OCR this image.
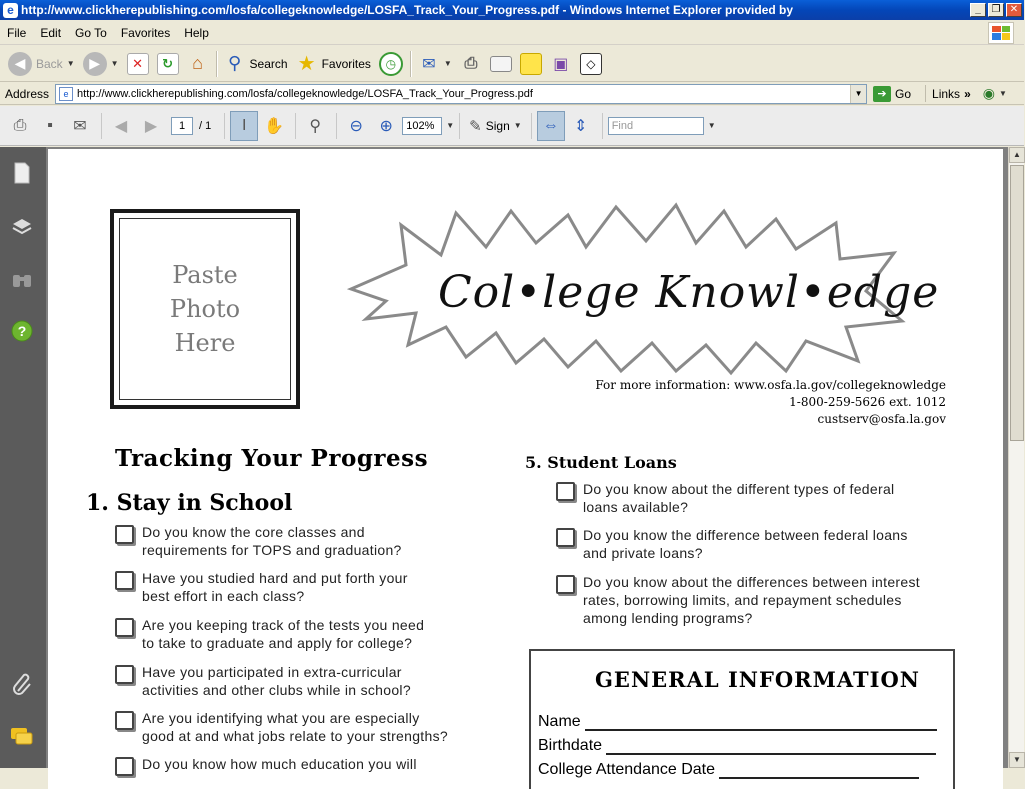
e http://www.clickherepublishing.com/losfa/collegeknowledge/LOSFA_Track_Your_Progress.pdf - Windows Internet Explorer provided by	_	❐ ✕
File	Edit	Go To	Favorites	Help
◀ Back ▼	▶	▼	✕	↻	⌂	⚲ Search ★ Favorites	◷	✉	▼ ⎙	▣	◇
Address	e http://www.clickherepublishing.com/losfa/collegeknowledge/LOSFA_Track_Your_Progress.pdf	▼	➔ Go Links » ◉ ▼
⎙	▪	✉	◀	▶	1	/ 1	I	✋	⚲	⊖	⊕	102%	▼ ✎ Sign ▼	⇔ ⇕	Find	▼
?
Paste
Photo
Here
Col•lege Knowl•edge
For more information: www.osfa.la.gov/collegeknowledge
1-800-259-5626 ext. 1012
custserv@osfa.la.gov
Tracking Your Progress
1. Stay in School
5. Student Loans
Do you know the core classes and
requirements for TOPS and graduation?
Have you studied hard and put forth your
best effort in each class?
Are you keeping track of the tests you need
to take to graduate and apply for college?
Have you participated in extra-curricular
activities and other clubs while in school?
Are you identifying what you are especially
good at and what jobs relate to your strengths?
Do you know how much education you will
Do you know about the different types of federal
loans available?
Do you know the difference between federal loans
and private loans?
Do you know about the differences between interest
rates, borrowing limits, and repayment schedules
among lending programs?
GENERAL INFORMATION
Name
Birthdate
College Attendance Date
▲
▼
